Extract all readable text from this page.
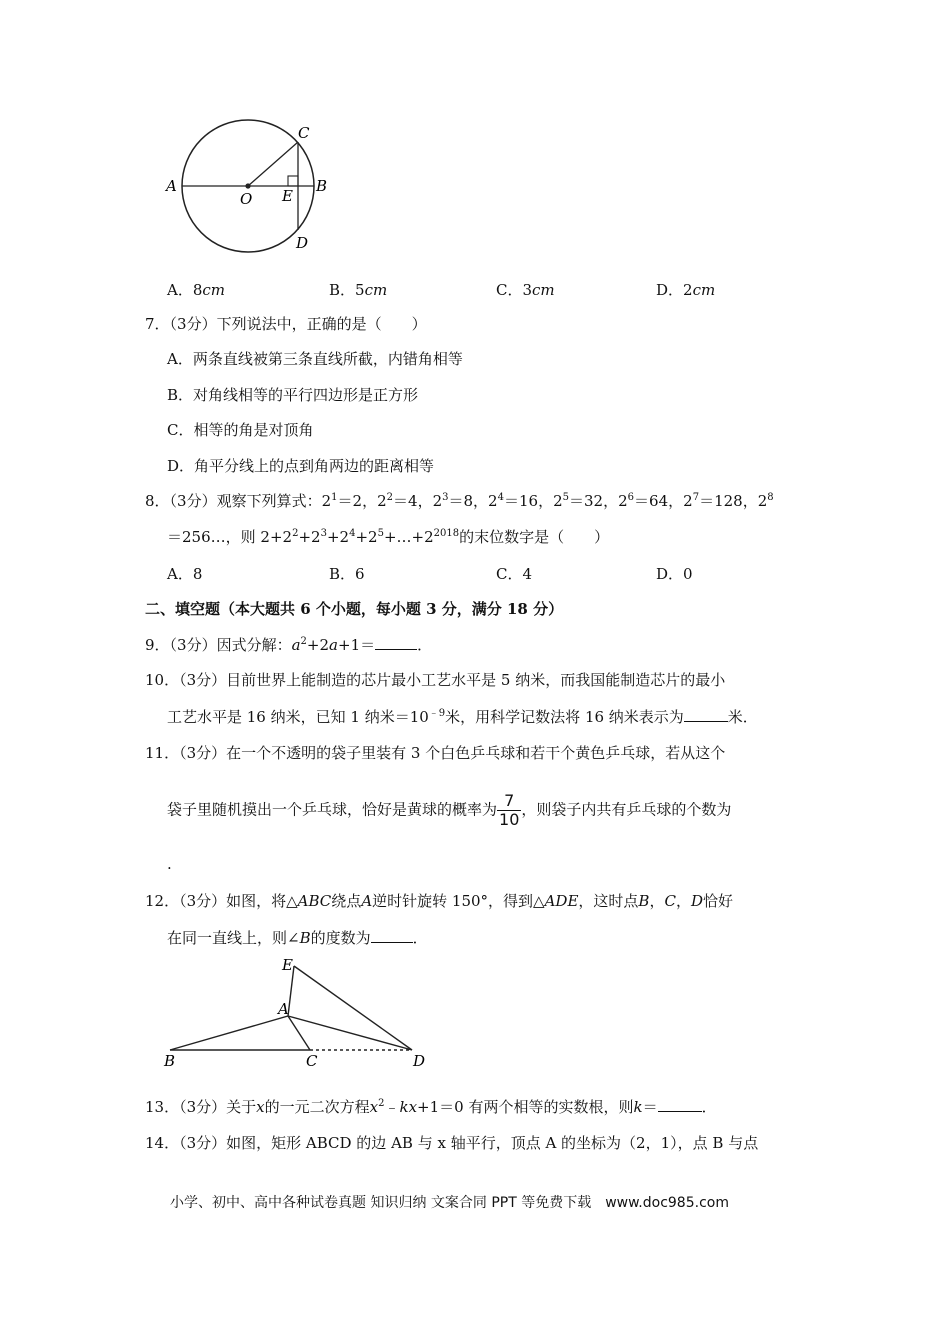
A
O E
B
C
D
A．8cm	B．5cm	C．3cm	D．2cm
7．（3分）下列说法中，正确的是（　　）
A．两条直线被第三条直线所截，内错角相等
B．对角线相等的平行四边形是正方形
C．相等的角是对顶角
D．角平分线上的点到角两边的距离相等
8．（3分）观察下列算式：$2^1=2$，$2^2=4$，$2^3=8$，$2^4=16$，$2^5=32$，$2^6=64$，$2^7=128$，$2^8$
＝256…，则 $2+2^2+2^3+2^4+2^5+\dots+2^{2018}$的末位数字是（　　）
A．8	B．6	C．4	D．0
二、填空题（本大题共 6 个小题，每小题 3 分，满分 18 分）
9．（3分）因式分解：$a^2+2a+1=$	．
10．（3分）目前世界上能制造的芯片最小工艺水平是 5 纳米，而我国能制造芯片的最小
工艺水平是 16 纳米，已知 1 纳米$=10^{﹣9}$米，用科学记数法将 16 纳米表示为	米．
11．（3分）在一个不透明的袋子里装有 3 个白色乒乓球和若干个黄色乒乓球，若从这个
袋子里随机摸出一个乒乓球，恰好是黄球的概率为 $\frac{7}{10}$ ，则袋子内共有乒乓球的个数为
.
12．（3分）如图，将△ABC绕点A逆时针旋转 150°，得到△ADE，这时点B，C，D恰好
在同一直线上，则∠B的度数为	．
E
A
B	C	D
13．（3分）关于x的一元二次方程$x^2﹣kx+1=0$ 有两个相等的实数根，则k＝	．
14．（3分）如图，矩形 ABCD 的边 AB 与 x 轴平行，顶点 A 的坐标为（2，1），点 B 与点
小学、初中、高中各种试卷真题 知识归纳 文案合同 PPT 等免费下载　www.doc985.com
